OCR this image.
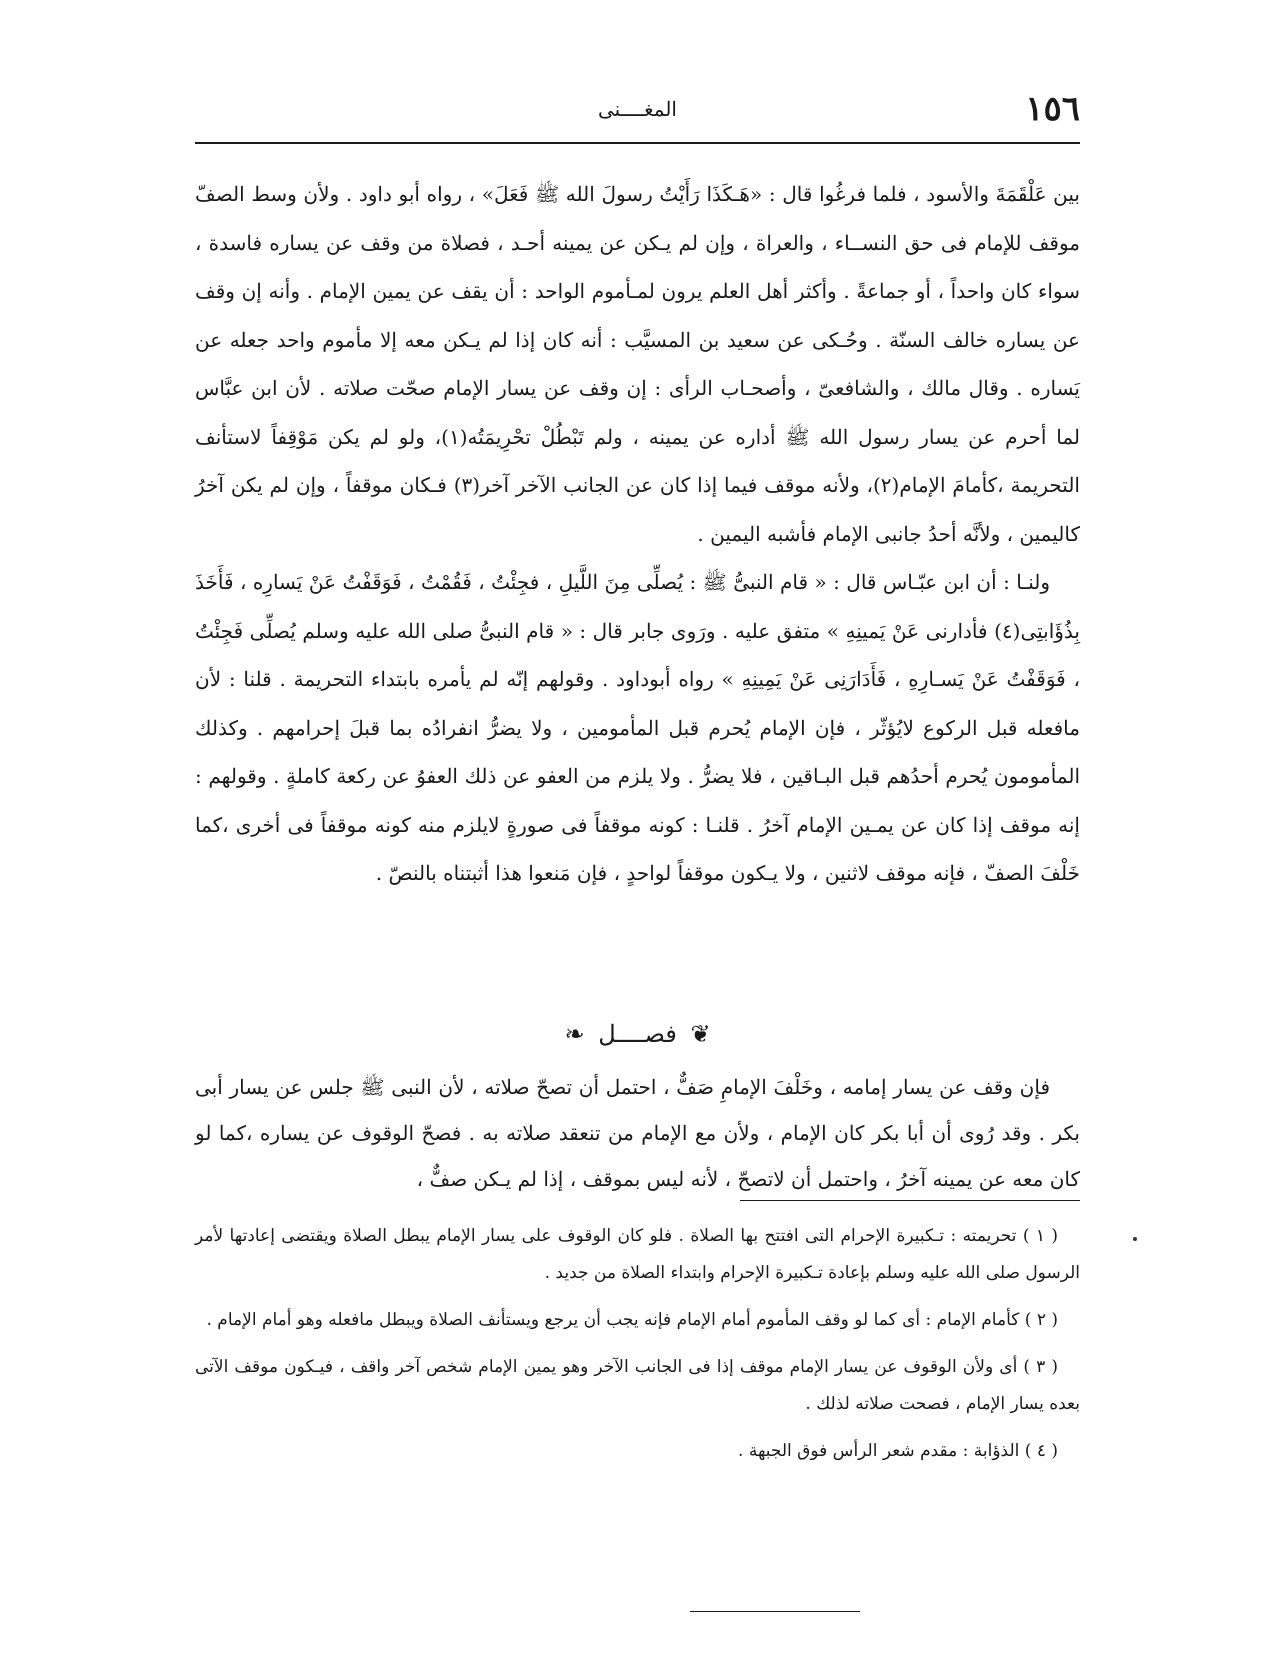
١٥٦
المغــــنى

بين عَلْقَمَةَ والأسود ، فلما فرغُوا قال : «هَـكَذَا رَأَيْتُ رسولَ الله ﷺ فَعَلَ» ، رواه أبو داود . ولأن وسط الصفّ موقف للإمام فى حق النســاء ، والعراة ، وإن لم يـكن عن يمينه أحـد ، فصلاة من وقف عن يساره فاسدة ، سواء كان واحداً ، أو جماعةً . وأكثر أهل العلم يرون لمـأموم الواحد : أن يقف عن يمين الإمام . وأنه إن وقف عن يساره خالف السنّة . وحُـكى عن سعيد بن المسيَّب : أنه كان إذا لم يـكن معه إلا مأموم واحد جعله عن يَساره . وقال مالك ، والشافعىّ ، وأصحـاب الرأى : إن وقف عن يسار الإمام صحّت صلاته . لأن ابن عبَّاس لما أحرم عن يسار رسول الله ﷺ أداره عن يمينه ، ولم تَبْطُلْ تحْرِيمَتُه(١)، ولو لم يكن مَوْقِفاً لاستأنف التحريمة ،كأمامَ الإمام(٢)، ولأنه موقف فيما إذا كان عن الجانب الآخر آخر(٣) فـكان موقفاً ، وإن لم يكن آخرُ كاليمين ، ولأنَّه أحدُ جانبى الإمام فأشبه اليمين .

ولنـا : أن ابن عبّـاس قال : « قام النبىُّ ﷺ : يُصلِّى مِنَ اللَّيلِ ، فجِئْتُ ، فَقُمْتُ ، فَوَقَفْتُ عَنْ يَسارِه ، فَأَخَذَ بِذُؤَابتِى(٤) فأدارنى عَنْ يَمينِهِ » متفق عليه . ورَوى جابر قال : « قام النبىُّ صلى الله عليه وسلم يُصلِّى فَجِئْتُ ، فَوَقَفْتُ عَنْ يَسـارِهِ ، فَأَدَارَنِى عَنْ يَمِينِهِ » رواه أبوداود . وقولهم إنّه لم يأمره بابتداء التحريمة . قلنا : لأن مافعله قبل الركوع لايُؤثّر ، فإن الإمام يُحرم قبل المأمومين ، ولا يضرُّ انفرادُه بما قبلَ إحرامهم . وكذلك المأمومون يُحرم أحدُهم قبل البـاقين ، فلا يضرُّ . ولا يلزم من العفو عن ذلك العفوُ عن ركعة كاملةٍ . وقولهم : إنه موقف إذا كان عن يمـين الإمام آخرُ . قلنـا : كونه موقفاً فى صورةٍ لايلزم منه كونه موقفاً فى أخرى ،كما خَلْفَ الصفّ ، فإنه موقف لاثنين ، ولا يـكون موقفاً لواحدٍ ، فإن مَنعوا هذا أثبتناه بالنصّ .

❦ فصــــل ❧

فإن وقف عن يسار إمامه ، وخَلْفَ الإمامِ صَفٌّ ، احتمل أن تصحّ صلاته ، لأن النبى ﷺ جلس عن يسار أبى بكر . وقد رُوى أن أبا بكر كان الإمام ، ولأن مع الإمام من تنعقد صلاته به . فصحّ الوقوف عن يساره ،كما لو كان معه عن يمينه آخرُ ، واحتمل أن لاتصحّ ، لأنه ليس بموقف ، إذا لم يـكن صفٌّ ،

( ١ ) تحريمته : تـكبيرة الإحرام التى افتتح بها الصلاة . فلو كان الوقوف على يسار الإمام يبطل الصلاة ويقتضى إعادتها لأمر الرسول صلى الله عليه وسلم بإعادة تـكبيرة الإحرام وابتداء الصلاة من جديد .

( ٢ ) كأمام الإمام : أى كما لو وقف المأموم أمام الإمام فإنه يجب أن يرجع ويستأنف الصلاة ويبطل مافعله وهو أمام الإمام .

( ٣ ) أى ولأن الوقوف عن يسار الإمام موقف إذا فى الجانب الآخر وهو يمين الإمام شخص آخر واقف ، فيـكون موقف الآتى بعده يسار الإمام ، فصحت صلاته لذلك .

( ٤ ) الذؤابة : مقدم شعر الرأس فوق الجبهة .
